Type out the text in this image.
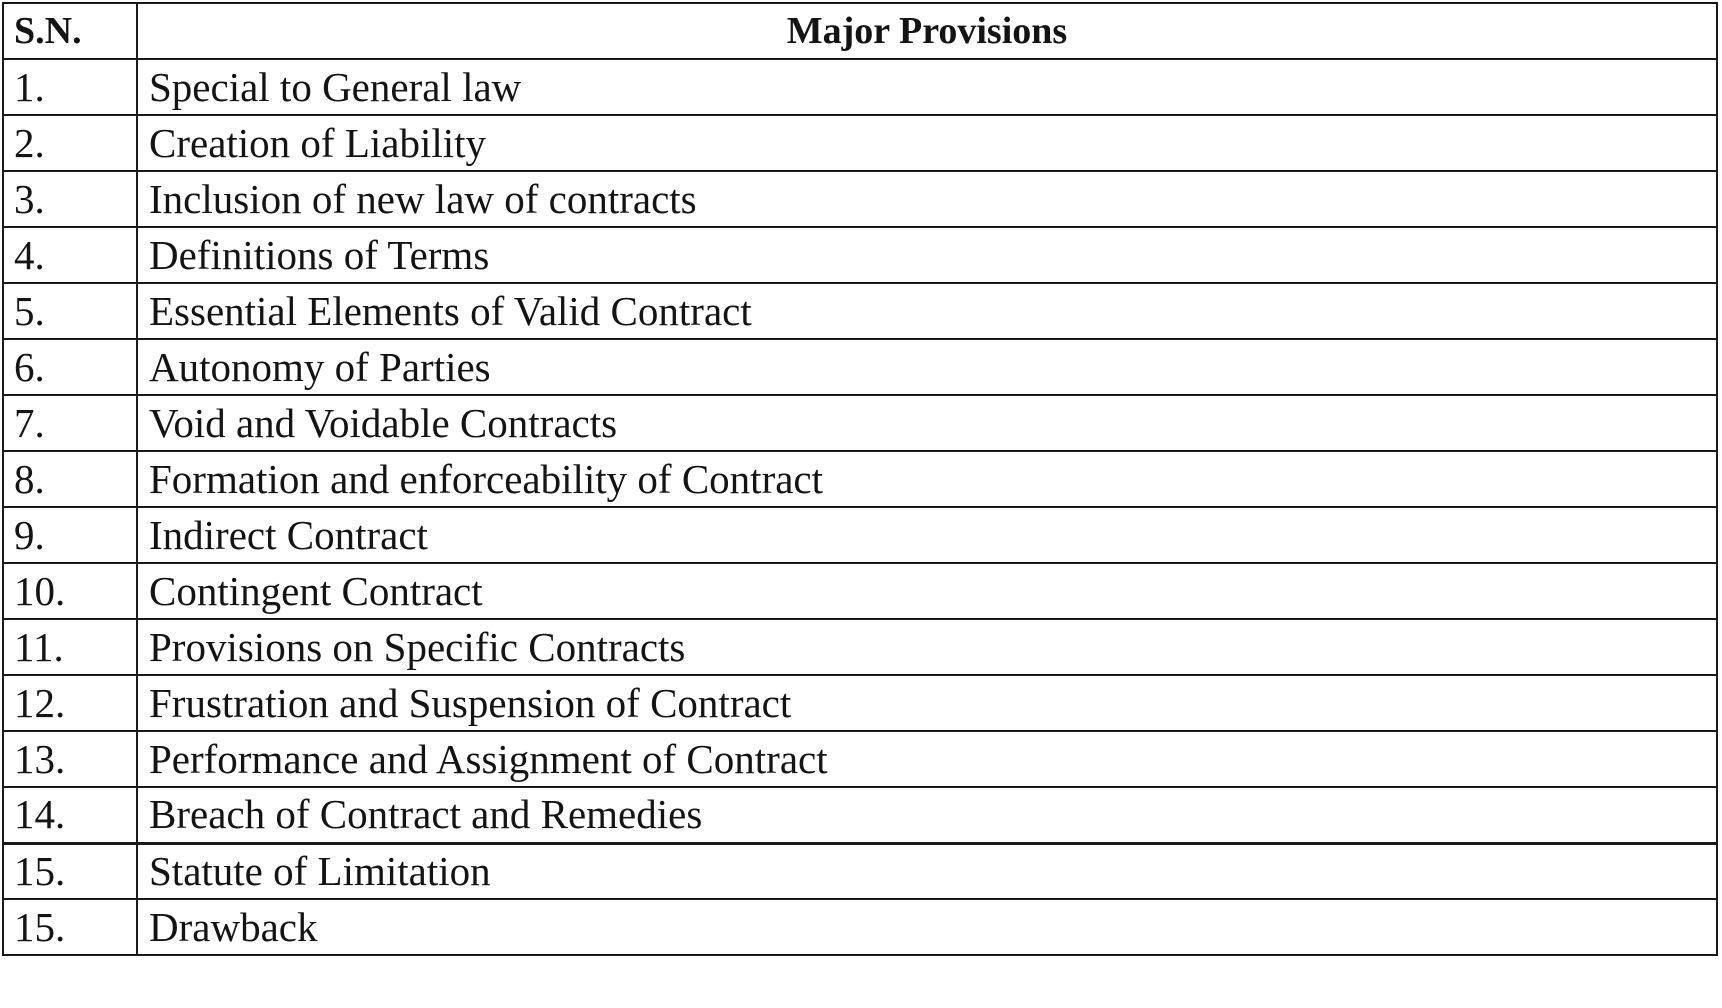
S.N.	Major Provisions
1.	Special to General law
2.	Creation of Liability
3.	Inclusion of new law of contracts
4.	Definitions of Terms
5.	Essential Elements of Valid Contract
6.	Autonomy of Parties
7.	Void and Voidable Contracts
8.	Formation and enforceability of Contract
9.	Indirect Contract
10.	Contingent Contract
11.	Provisions on Specific Contracts
12.	Frustration and Suspension of Contract
13.	Performance and Assignment of Contract
14.	Breach of Contract and Remedies
15.	Statute of Limitation
15.	Drawback
